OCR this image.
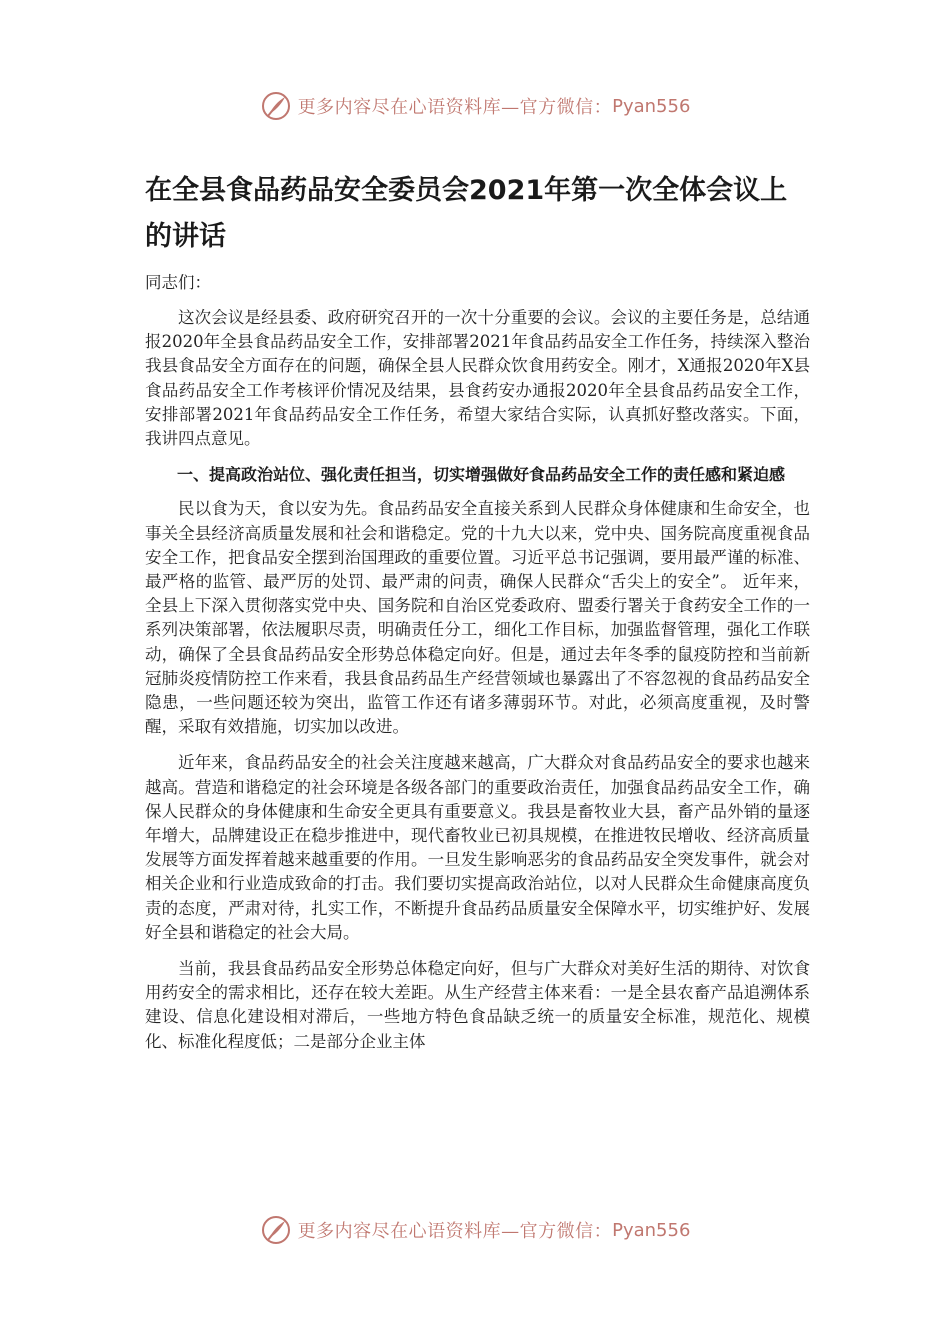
更多内容尽在心语资料库—官方微信： Pyan556
在全县食品药品安全委员会2021年第一次全体会议上的讲话

同志们：

这次会议是经县委、政府研究召开的一次十分重要的会议。会议的主要任务是，总结通报2020年全县食品药品安全工作，安排部署2021年食品药品安全工作任务，持续深入整治我县食品安全方面存在的问题，确保全县人民群众饮食用药安全。刚才，X通报2020年X县食品药品安全工作考核评价情况及结果，县食药安办通报2020年全县食品药品安全工作，安排部署2021年食品药品安全工作任务，希望大家结合实际，认真抓好整改落实。下面，我讲四点意见。

一、提高政治站位、强化责任担当，切实增强做好食品药品安全工作的责任感和紧迫感

民以食为天，食以安为先。食品药品安全直接关系到人民群众身体健康和生命安全，也事关全县经济高质量发展和社会和谐稳定。党的十九大以来，党中央、国务院高度重视食品安全工作，把食品安全摆到治国理政的重要位置。习近平总书记强调，要用最严谨的标准、最严格的监管、最严厉的处罚、最严肃的问责，确保人民群众“舌尖上的安全”。 近年来，全县上下深入贯彻落实党中央、国务院和自治区党委政府、盟委行署关于食药安全工作的一系列决策部署，依法履职尽责，明确责任分工，细化工作目标，加强监督管理，强化工作联动，确保了全县食品药品安全形势总体稳定向好。但是，通过去年冬季的鼠疫防控和当前新冠肺炎疫情防控工作来看，我县食品药品生产经营领域也暴露出了不容忽视的食品药品安全隐患，一些问题还较为突出，监管工作还有诸多薄弱环节。对此，必须高度重视，及时警醒，采取有效措施，切实加以改进。

近年来，食品药品安全的社会关注度越来越高，广大群众对食品药品安全的要求也越来越高。营造和谐稳定的社会环境是各级各部门的重要政治责任，加强食品药品安全工作，确保人民群众的身体健康和生命安全更具有重要意义。我县是畜牧业大县，畜产品外销的量逐年增大，品牌建设正在稳步推进中，现代畜牧业已初具规模，在推进牧民增收、经济高质量发展等方面发挥着越来越重要的作用。一旦发生影响恶劣的食品药品安全突发事件，就会对相关企业和行业造成致命的打击。我们要切实提高政治站位，以对人民群众生命健康高度负责的态度，严肃对待，扎实工作，不断提升食品药品质量安全保障水平，切实维护好、发展好全县和谐稳定的社会大局。

当前，我县食品药品安全形势总体稳定向好，但与广大群众对美好生活的期待、对饮食用药安全的需求相比，还存在较大差距。从生产经营主体来看：一是全县农畜产品追溯体系建设、信息化建设相对滞后，一些地方特色食品缺乏统一的质量安全标准，规范化、规模化、标准化程度低；二是部分企业主体

更多内容尽在心语资料库—官方微信： Pyan556
